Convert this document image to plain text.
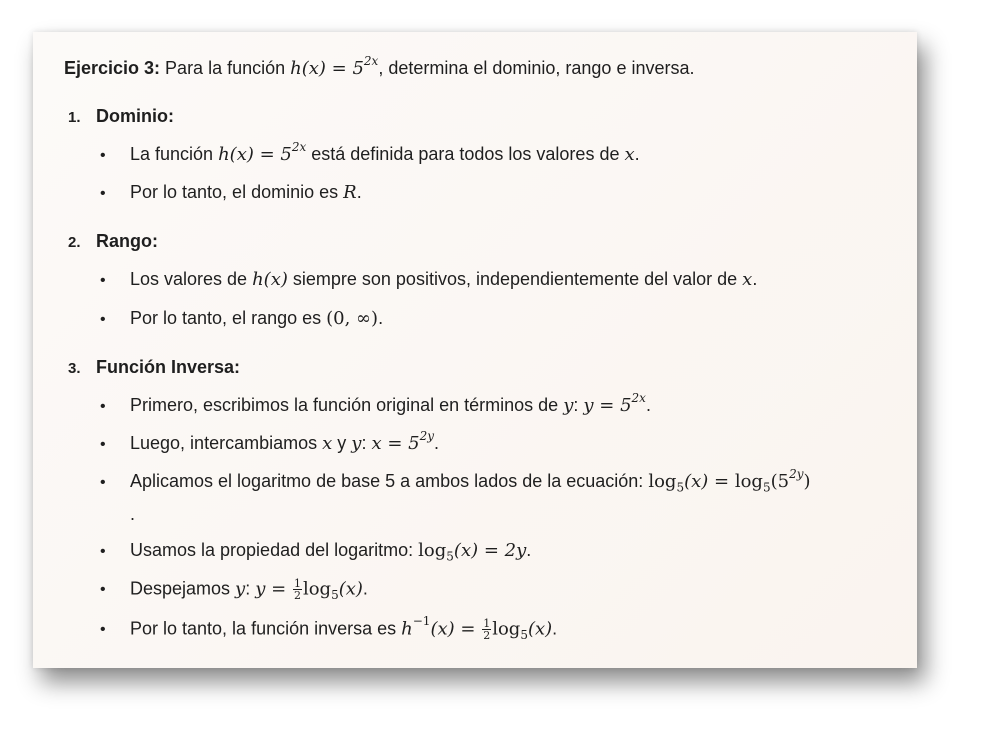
Ejercicio 3: Para la función $h(x) = 5^{2x}$, determina el dominio, rango e inversa.
1. Dominio:
• La función $h(x) = 5^{2x}$ está definida para todos los valores de x.
• Por lo tanto, el dominio es R.
2. Rango:
• Los valores de h(x) siempre son positivos, independientemente del valor de x.
• Por lo tanto, el rango es (0, ∞).
3. Función Inversa:
• Primero, escribimos la función original en términos de y: $y = 5^{2x}$.
• Luego, intercambiamos x y y: $x = 5^{2y}$.
• Aplicamos el logaritmo de base 5 a ambos lados de la ecuación: $\log_5(x) = \log_5(5^{2y})$
.
• Usamos la propiedad del logaritmo: $\log_5(x) = 2y$.
• Despejamos y: $y = \frac{1}{2} \log_5(x)$.
• Por lo tanto, la función inversa es $h^{-1}(x) = \frac{1}{2} \log_5(x)$.
